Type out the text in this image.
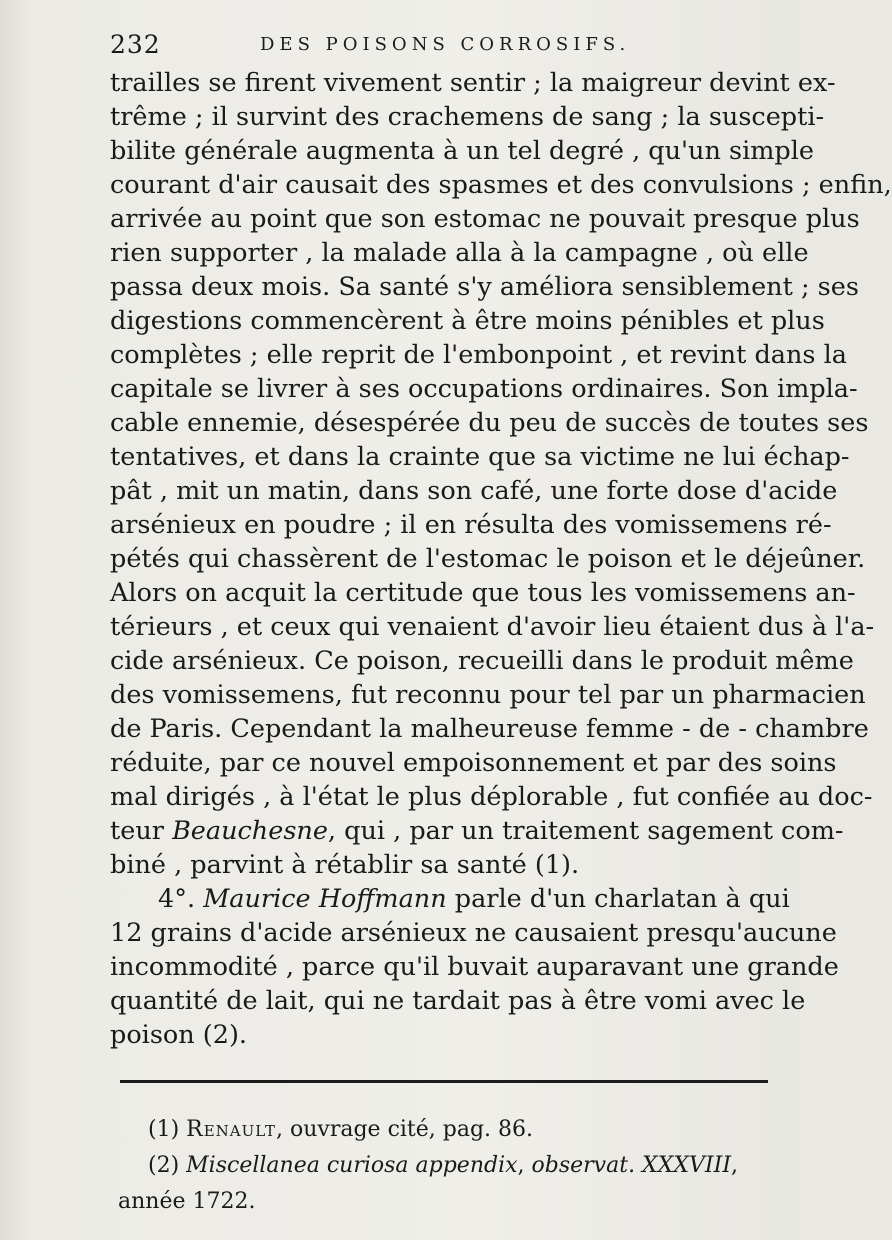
232	DES POISONS CORROSIFS.
trailles se firent vivement sentir ; la maigreur devint ex-
trême ; il survint des crachemens de sang ; la suscepti-
bilite générale augmenta à un tel degré , qu'un simple
courant d'air causait des spasmes et des convulsions ; enfin,
arrivée au point que son estomac ne pouvait presque plus
rien supporter , la malade alla à la campagne , où elle
passa deux mois. Sa santé s'y améliora sensiblement ; ses
digestions commencèrent à être moins pénibles et plus
complètes ; elle reprit de l'embonpoint , et revint dans la
capitale se livrer à ses occupations ordinaires. Son impla-
cable ennemie, désespérée du peu de succès de toutes ses
tentatives, et dans la crainte que sa victime ne lui échap-
pât , mit un matin, dans son café, une forte dose d'acide
arsénieux en poudre ; il en résulta des vomissemens ré-
pétés qui chassèrent de l'estomac le poison et le déjeûner.
Alors on acquit la certitude que tous les vomissemens an-
térieurs , et ceux qui venaient d'avoir lieu étaient dus à l'a-
cide arsénieux. Ce poison, recueilli dans le produit même
des vomissemens, fut reconnu pour tel par un pharmacien
de Paris. Cependant la malheureuse femme - de - chambre
réduite, par ce nouvel empoisonnement et par des soins
mal dirigés , à l'état le plus déplorable , fut confiée au doc-
teur Beauchesne, qui , par un traitement sagement com-
biné , parvint à rétablir sa santé (1).
4°. Maurice Hoffmann parle d'un charlatan à qui
12 grains d'acide arsénieux ne causaient presqu'aucune
incommodité , parce qu'il buvait auparavant une grande
quantité de lait, qui ne tardait pas à être vomi avec le
poison (2).
(1) Renault, ouvrage cité, pag. 86.
(2) Miscellanea curiosa appendix, observat. XXXVIII,
année 1722.
